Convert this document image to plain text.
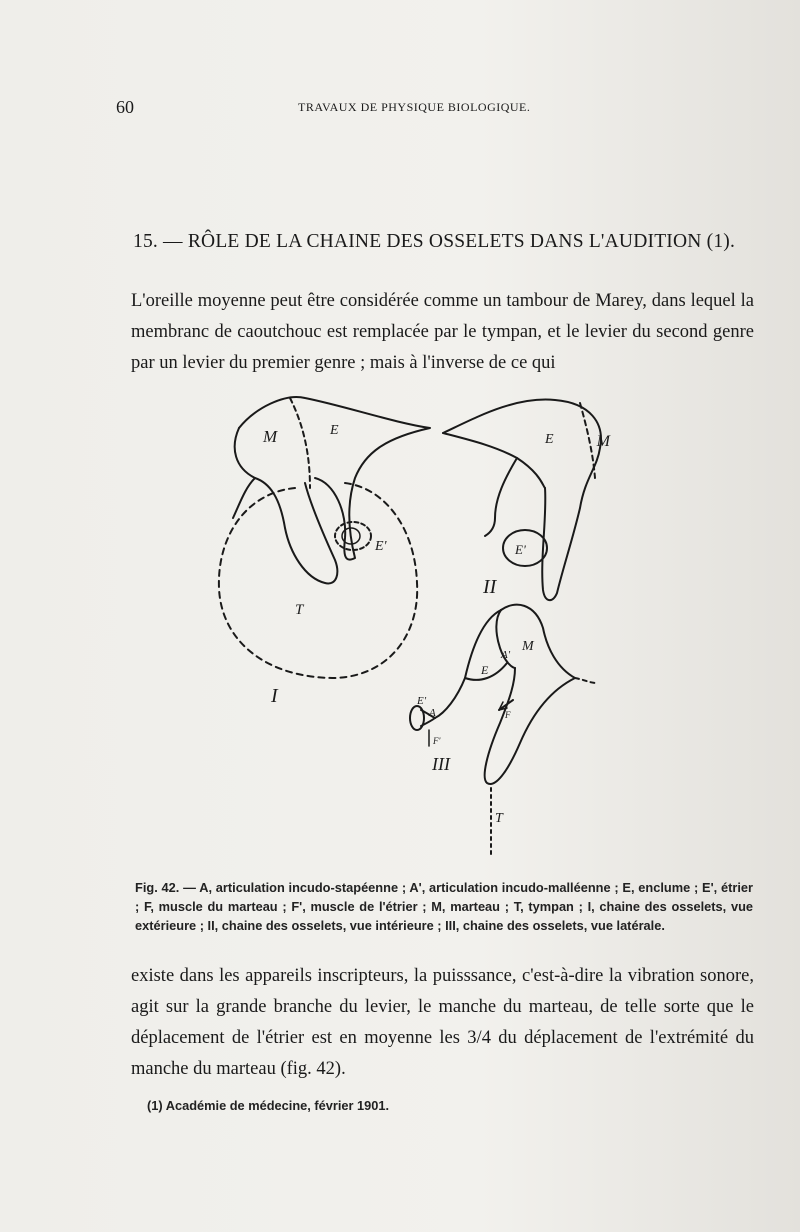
60	TRAVAUX DE PHYSIQUE BIOLOGIQUE.
15. — RÔLE DE LA CHAINE DES OSSELETS DANS L'AUDITION (1).

L'oreille moyenne peut être considérée comme un tambour de Marey, dans lequel la membranc de caoutchouc est remplacée par le tympan, et le levier du second genre par un levier du premier genre ; mais à l'inverse de ce qui

M	E
E'
T
I
E	M
E'
II
M
A'
E
E'
A
F'
F
III
T

Fig. 42. — A, articulation incudo-stapéenne ; A', articulation incudo-malléenne ; E, enclume ; E', étrier ; F, muscle du marteau ; F', muscle de l'étrier ; M, marteau ; T, tympan ; I, chaine des osselets, vue extérieure ; II, chaine des osselets, vue intérieure ; III, chaine des osselets, vue latérale.

existe dans les appareils inscripteurs, la puisssance, c'est-à-dire la vibration sonore, agit sur la grande branche du levier, le manche du marteau, de telle sorte que le déplacement de l'étrier est en moyenne les 3/4 du déplacement de l'extrémité du manche du marteau (fig. 42).

(1) Académie de médecine, février 1901.
